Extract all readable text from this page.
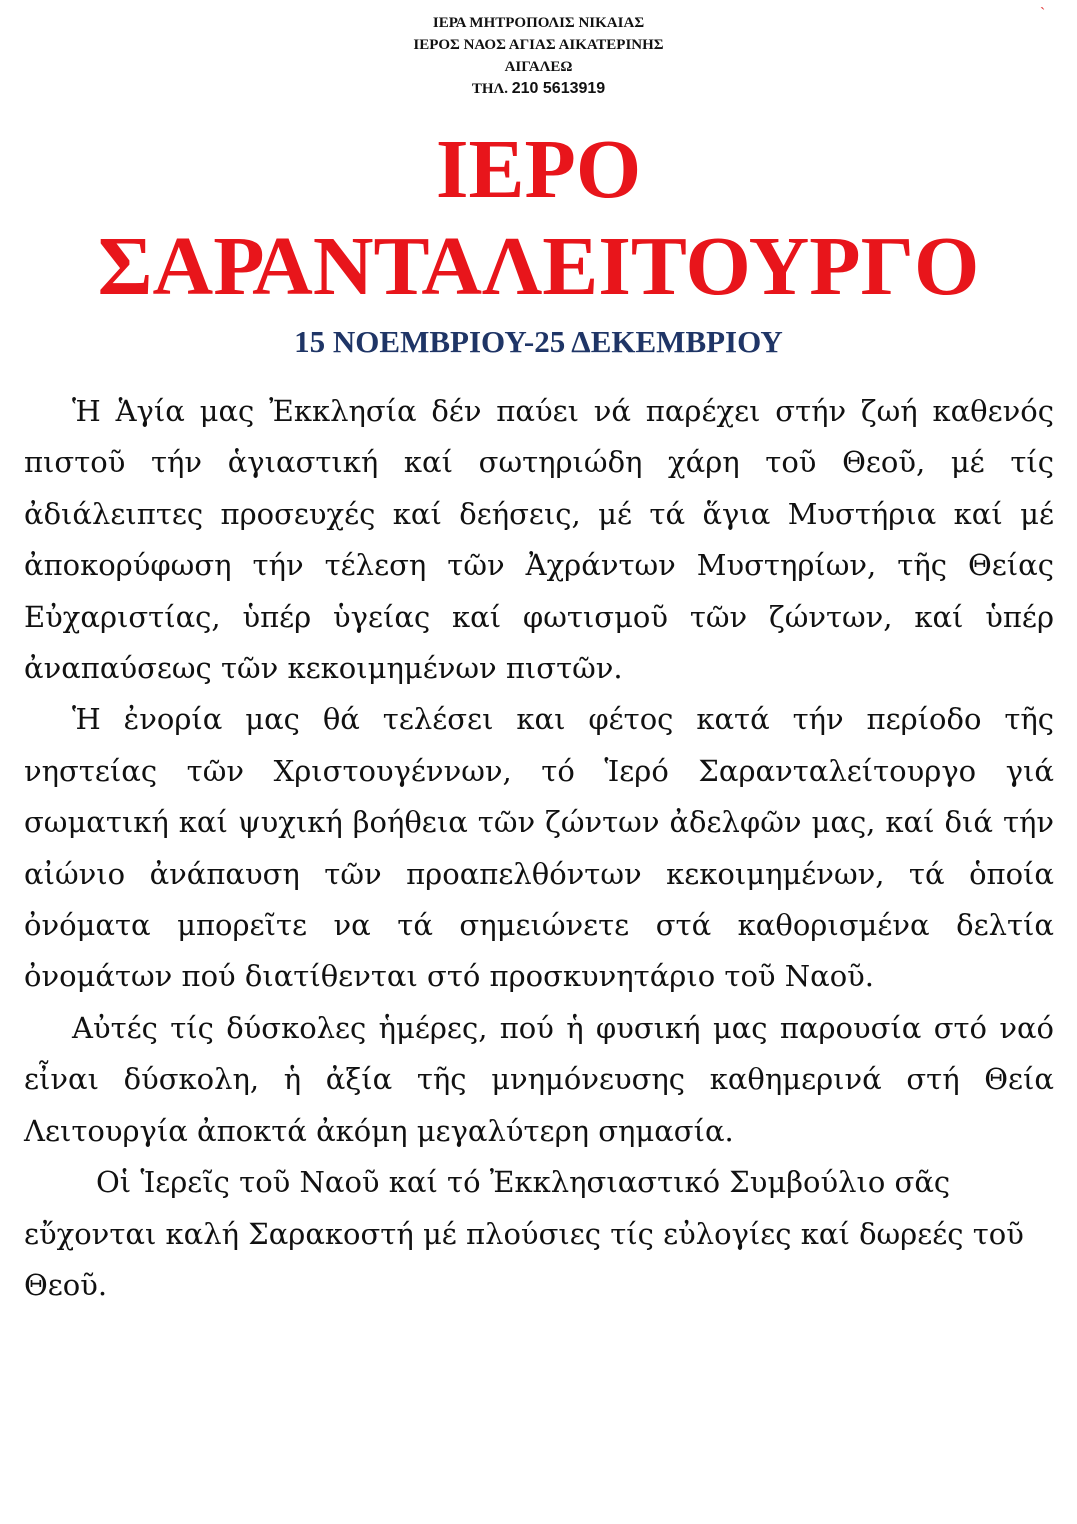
ΙΕΡΑ ΜΗΤΡΟΠΟΛΙΣ ΝΙΚΑΙΑΣ
ΙΕΡΟΣ ΝΑΟΣ ΑΓΙΑΣ ΑΙΚΑΤΕΡΙΝΗΣ
ΑΙΓΑΛΕΩ
ΤΗΛ. 210 5613919
`
ΙΕΡΟ
ΣΑΡΑΝΤΑΛΕΙΤΟΥΡΓΟ
15 ΝΟΕΜΒΡΙΟΥ-25 ΔΕΚΕΜΒΡΙΟΥ

Ἡ Ἁγία μας Ἐκκλησία δέν παύει νά παρέχει στήν ζωή καθενός πιστοῦ τήν ἁγιαστική καί σωτηριώδη χάρη τοῦ Θεοῦ, μέ τίς ἀδιάλειπτες προσευχές καί δεήσεις, μέ τά ἅγια Μυστήρια καί μέ ἀποκορύφωση τήν τέλεση τῶν Ἀχράντων Μυστηρίων, τῆς Θείας Εὐχαριστίας, ὑπέρ ὑγείας καί φωτισμοῦ τῶν ζώντων, καί ὑπέρ ἀναπαύσεως τῶν κεκοιμημένων πιστῶν.

Ἡ ἐνορία μας θά τελέσει και φέτος κατά τήν περίοδο τῆς νηστείας τῶν Χριστουγέννων, τό Ἱερό Σαρανταλείτουργο γιά σωματική καί ψυχική βοήθεια τῶν ζώντων ἀδελφῶν μας, καί διά τήν αἰώνιο ἀνάπαυση τῶν προαπελθόντων κεκοιμημένων, τά ὁποία ὀνόματα μπορεῖτε να τά σημειώνετε στά καθορισμένα δελτία ὀνομάτων πού διατίθενται στό προσκυνητάριο τοῦ Ναοῦ.

Αὐτές τίς δύσκολες ἡμέρες, πού ἡ φυσική μας παρουσία στό ναό εἶναι δύσκολη, ἡ ἀξία τῆς μνημόνευσης καθημερινά στή Θεία Λειτουργία ἀποκτά ἀκόμη μεγαλύτερη σημασία.

Οἱ Ἱερεῖς τοῦ Ναοῦ καί τό Ἐκκλησιαστικό Συμβούλιο σᾶς εὔχονται καλή Σαρακοστή μέ πλούσιες τίς εὐλογίες καί δωρεές τοῦ Θεοῦ.
